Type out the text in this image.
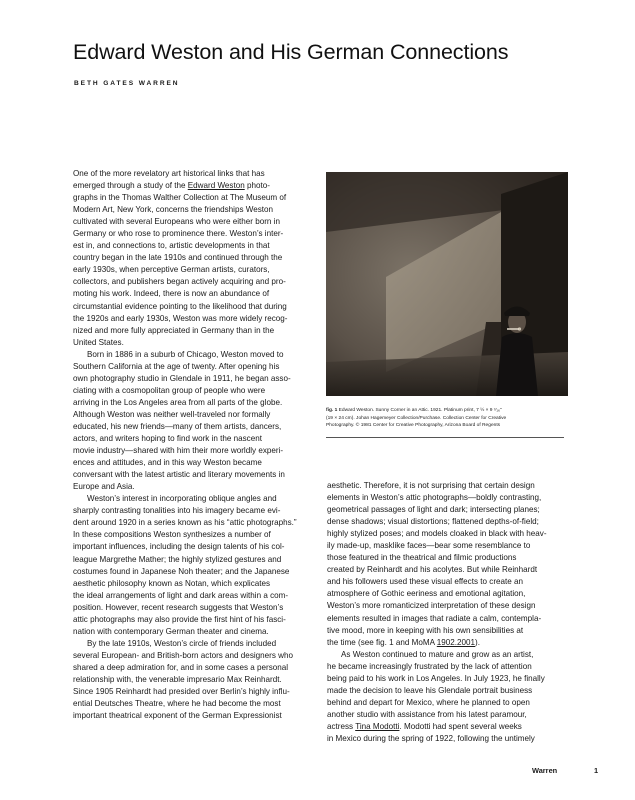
Edward Weston and His German Connections
BETH GATES WARREN
One of the more revelatory art historical links that has
emerged through a study of the Edward Weston photo-
graphs in the Thomas Walther Collection at The Museum of
Modern Art, New York, concerns the friendships Weston
cultivated with several Europeans who were either born in
Germany or who rose to prominence there. Weston’s inter-
est in, and connections to, artistic developments in that
country began in the late 1910s and continued through the
early 1930s, when perceptive German artists, curators,
collectors, and publishers began actively acquiring and pro-
moting his work. Indeed, there is now an abundance of
circumstantial evidence pointing to the likelihood that during
the 1920s and early 1930s, Weston was more widely recog-
nized and more fully appreciated in Germany than in the
United States.
Born in 1886 in a suburb of Chicago, Weston moved to
Southern California at the age of twenty. After opening his
own photography studio in Glendale in 1911, he began asso-
ciating with a cosmopolitan group of people who were
arriving in the Los Angeles area from all parts of the globe.
Although Weston was neither well-traveled nor formally
educated, his new friends—many of them artists, dancers,
actors, and writers hoping to find work in the nascent
movie industry—shared with him their more worldly experi-
ences and attitudes, and in this way Weston became
conversant with the latest artistic and literary movements in
Europe and Asia.
Weston’s interest in incorporating oblique angles and
sharply contrasting tonalities into his imagery became evi-
dent around 1920 in a series known as his “attic photographs.”
In these compositions Weston synthesizes a number of
important influences, including the design talents of his col-
league Margrethe Mather; the highly stylized gestures and
costumes found in Japanese Noh theater; and the Japanese
aesthetic philosophy known as Notan, which explicates
the ideal arrangements of light and dark areas within a com-
position. However, recent research suggests that Weston’s
attic photographs may also provide the first hint of his fasci-
nation with contemporary German theater and cinema.
By the late 1910s, Weston’s circle of friends included
several European- and British-born actors and designers who
shared a deep admiration for, and in some cases a personal
relationship with, the venerable impresario Max Reinhardt.
Since 1905 Reinhardt had presided over Berlin’s highly influ-
ential Deutsches Theatre, where he had become the most
important theatrical exponent of the German Expressionist
fig. 1 Edward Weston. Sunny Corner in an Attic. 1921. Platinum print, 7 ½ × 9 ⁷⁄₁₆"
(19 × 24 cm). Johan Hagemeyer Collection/Purchase. Collection Center for Creative
Photography. © 1981 Center for Creative Photography, Arizona Board of Regents
aesthetic. Therefore, it is not surprising that certain design
elements in Weston’s attic photographs—boldly contrasting,
geometrical passages of light and dark; intersecting planes;
dense shadows; visual distortions; flattened depths-of-field;
highly stylized poses; and models cloaked in black with heav-
ily made-up, masklike faces—bear some resemblance to
those featured in the theatrical and filmic productions
created by Reinhardt and his acolytes. But while Reinhardt
and his followers used these visual effects to create an
atmosphere of Gothic eeriness and emotional agitation,
Weston’s more romanticized interpretation of these design
elements resulted in images that radiate a calm, contempla-
tive mood, more in keeping with his own sensibilities at
the time (see fig. 1 and MoMA 1902.2001).
As Weston continued to mature and grow as an artist,
he became increasingly frustrated by the lack of attention
being paid to his work in Los Angeles. In July 1923, he finally
made the decision to leave his Glendale portrait business
behind and depart for Mexico, where he planned to open
another studio with assistance from his latest paramour,
actress Tina Modotti. Modotti had spent several weeks
in Mexico during the spring of 1922, following the untimely
Warren	1
